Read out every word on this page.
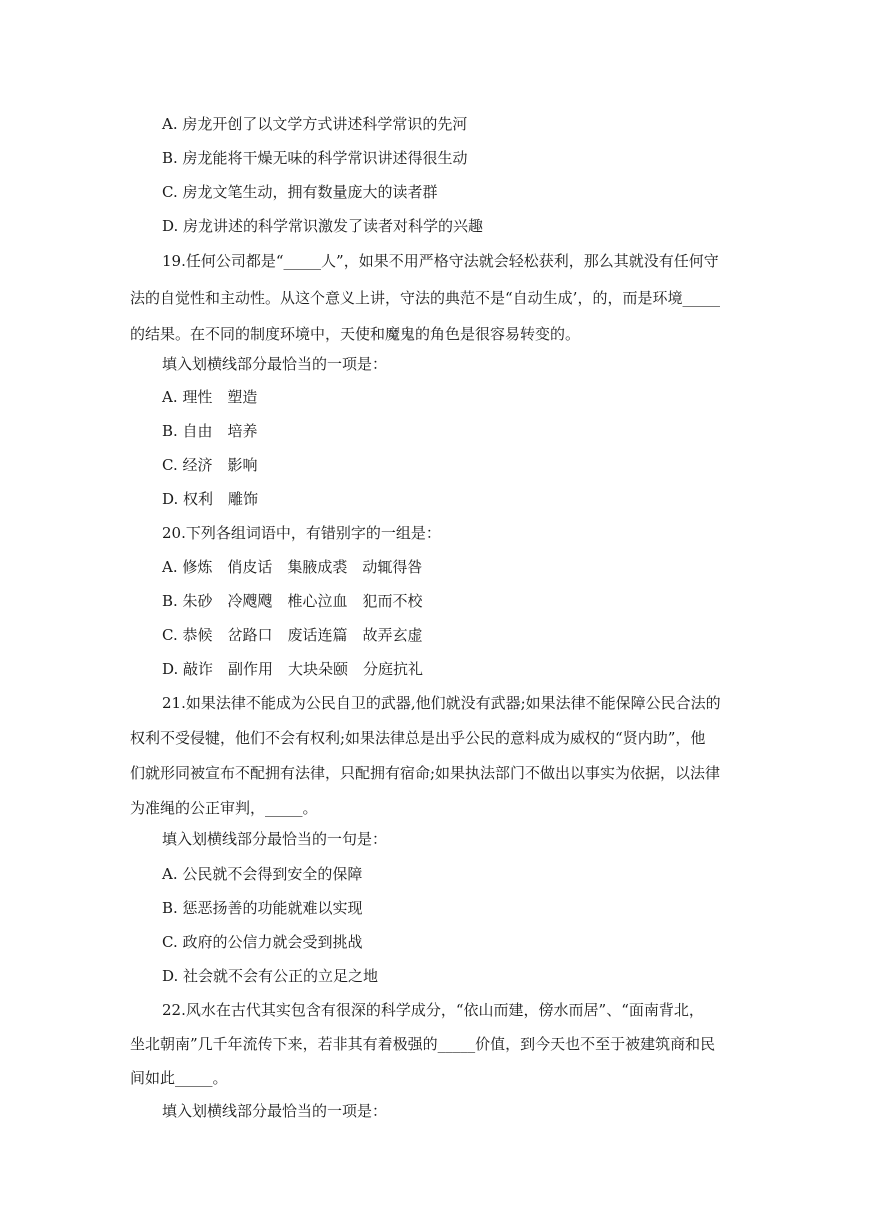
A. 房龙开创了以文学方式讲述科学常识的先河
B. 房龙能将干燥无味的科学常识讲述得很生动
C. 房龙文笔生动，拥有数量庞大的读者群
D. 房龙讲述的科学常识激发了读者对科学的兴趣
19.任何公司都是“_____人”，如果不用严格守法就会轻松获利，那么其就没有任何守
法的自觉性和主动性。从这个意义上讲，守法的典范不是“自动生成’，的，而是环境_____
的结果。在不同的制度环境中，天使和魔鬼的角色是很容易转变的。
填入划横线部分最恰当的一项是：
A. 理性　塑造
B. 自由　培养
C. 经济　影响
D. 权利　雕饰
20.下列各组词语中，有错别字的一组是：
A. 修炼　俏皮话　集腋成裘　动辄得咎
B. 朱砂　冷飕飕　椎心泣血　犯而不校
C. 恭候　岔路口　废话连篇　故弄玄虚
D. 敲诈　副作用　大块朵颐　分庭抗礼
21.如果法律不能成为公民自卫的武器,他们就没有武器;如果法律不能保障公民合法的
权利不受侵犍，他们不会有权利;如果法律总是出乎公民的意料成为威权的“贤内助”，他
们就形同被宣布不配拥有法律，只配拥有宿命;如果执法部门不做出以事实为依据，以法律
为准绳的公正审判，_____。
填入划横线部分最恰当的一句是：
A. 公民就不会得到安全的保障
B. 惩恶扬善的功能就难以实现
C. 政府的公信力就会受到挑战
D. 社会就不会有公正的立足之地
22.风水在古代其实包含有很深的科学成分，“依山而建，傍水而居”、“面南背北，
坐北朝南”几千年流传下来，若非其有着极强的_____价值，到今天也不至于被建筑商和民
间如此_____。
填入划横线部分最恰当的一项是：
